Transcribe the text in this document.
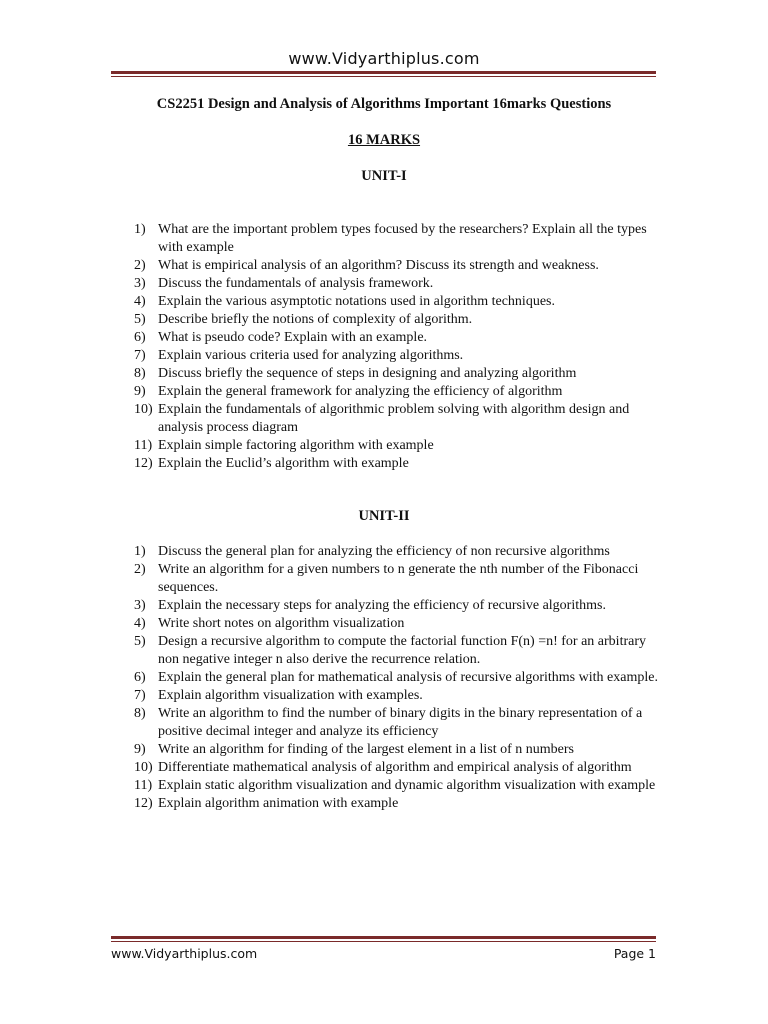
www.Vidyarthiplus.com
CS2251 Design and Analysis of Algorithms Important 16marks Questions
16 MARKS
UNIT-I
1) What are the important problem types focused by the researchers? Explain all the types with example
2) What is empirical analysis of an algorithm? Discuss its strength and weakness.
3) Discuss the fundamentals of analysis framework.
4) Explain the various asymptotic notations used in algorithm techniques.
5) Describe briefly the notions of complexity of algorithm.
6) What is pseudo code? Explain with an example.
7) Explain various criteria used for analyzing algorithms.
8) Discuss briefly the sequence of steps in designing and analyzing algorithm
9) Explain the general framework for analyzing the efficiency of algorithm
10) Explain the fundamentals of algorithmic problem solving with algorithm design and analysis process diagram
11) Explain simple factoring algorithm with example
12) Explain the Euclid’s algorithm with example
UNIT-II
1) Discuss the general plan for analyzing the efficiency of non recursive algorithms
2) Write an algorithm for a given numbers to n generate the nth number of the Fibonacci sequences.
3) Explain the necessary steps for analyzing the efficiency of recursive algorithms.
4) Write short notes on algorithm visualization
5) Design a recursive algorithm to compute the factorial function F(n) =n! for an arbitrary non negative integer n also derive the recurrence relation.
6) Explain the general plan for mathematical analysis of recursive algorithms with example.
7) Explain algorithm visualization with examples.
8) Write an algorithm to find the number of binary digits in the binary representation of a positive decimal integer and analyze its efficiency
9) Write an algorithm for finding of the largest element in a list of n numbers
10) Differentiate mathematical analysis of algorithm and empirical analysis of algorithm
11) Explain static algorithm visualization and dynamic algorithm visualization with example
12) Explain algorithm animation with example
www.Vidyarthiplus.com	Page 1
